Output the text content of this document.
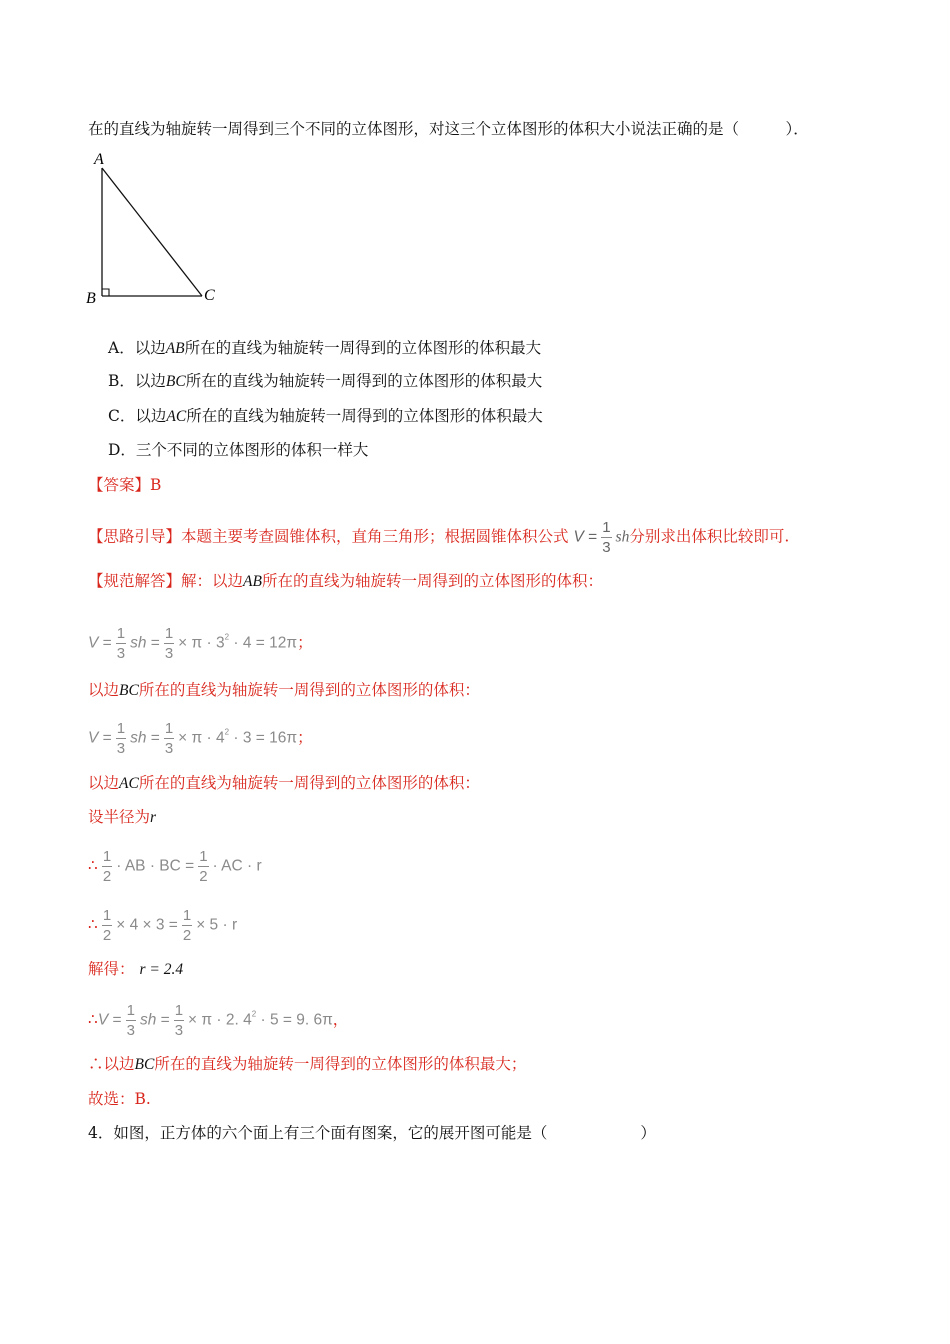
在的直线为轴旋转一周得到三个不同的立体图形，对这三个立体图形的体积大小说法正确的是（　　　）．
A
B	C
A．以边AB所在的直线为轴旋转一周得到的立体图形的体积最大
B．以边BC所在的直线为轴旋转一周得到的立体图形的体积最大
C．以边AC所在的直线为轴旋转一周得到的立体图形的体积最大
D．三个不同的立体图形的体积一样大
【答案】B
【思路引导】本题主要考查圆锥体积，直角三角形；根据圆锥体积公式 $V = \frac{1}{3}$ sh分别求出体积比较即可.
【规范解答】解：以边AB所在的直线为轴旋转一周得到的立体图形的体积：
$V = \frac{1}{3}$ sh = $\frac{1}{3} \times \pi \cdot 3^2 \cdot 4 = 12\pi$；
以边BC所在的直线为轴旋转一周得到的立体图形的体积：
$V = \frac{1}{3}$ sh = $\frac{1}{3} \times \pi \cdot 4^2 \cdot 3 = 16\pi$；
以边AC所在的直线为轴旋转一周得到的立体图形的体积：
设半径为r
∴ $\frac{1}{2}$ · AB · BC = $\frac{1}{2}$ · AC · r
∴ $\frac{1}{2} \times 4 \times 3 = \frac{1}{2} \times 5 \cdot r$
解得： r = 2.4
∴V = $\frac{1}{3}$ sh = $\frac{1}{3} \times \pi \cdot 2$. $4^2 \cdot 5 = 9$. 6π，
∴以边BC所在的直线为轴旋转一周得到的立体图形的体积最大；
故选：B.
4．如图，正方体的六个面上有三个面有图案，它的展开图可能是（　　　　　　）
